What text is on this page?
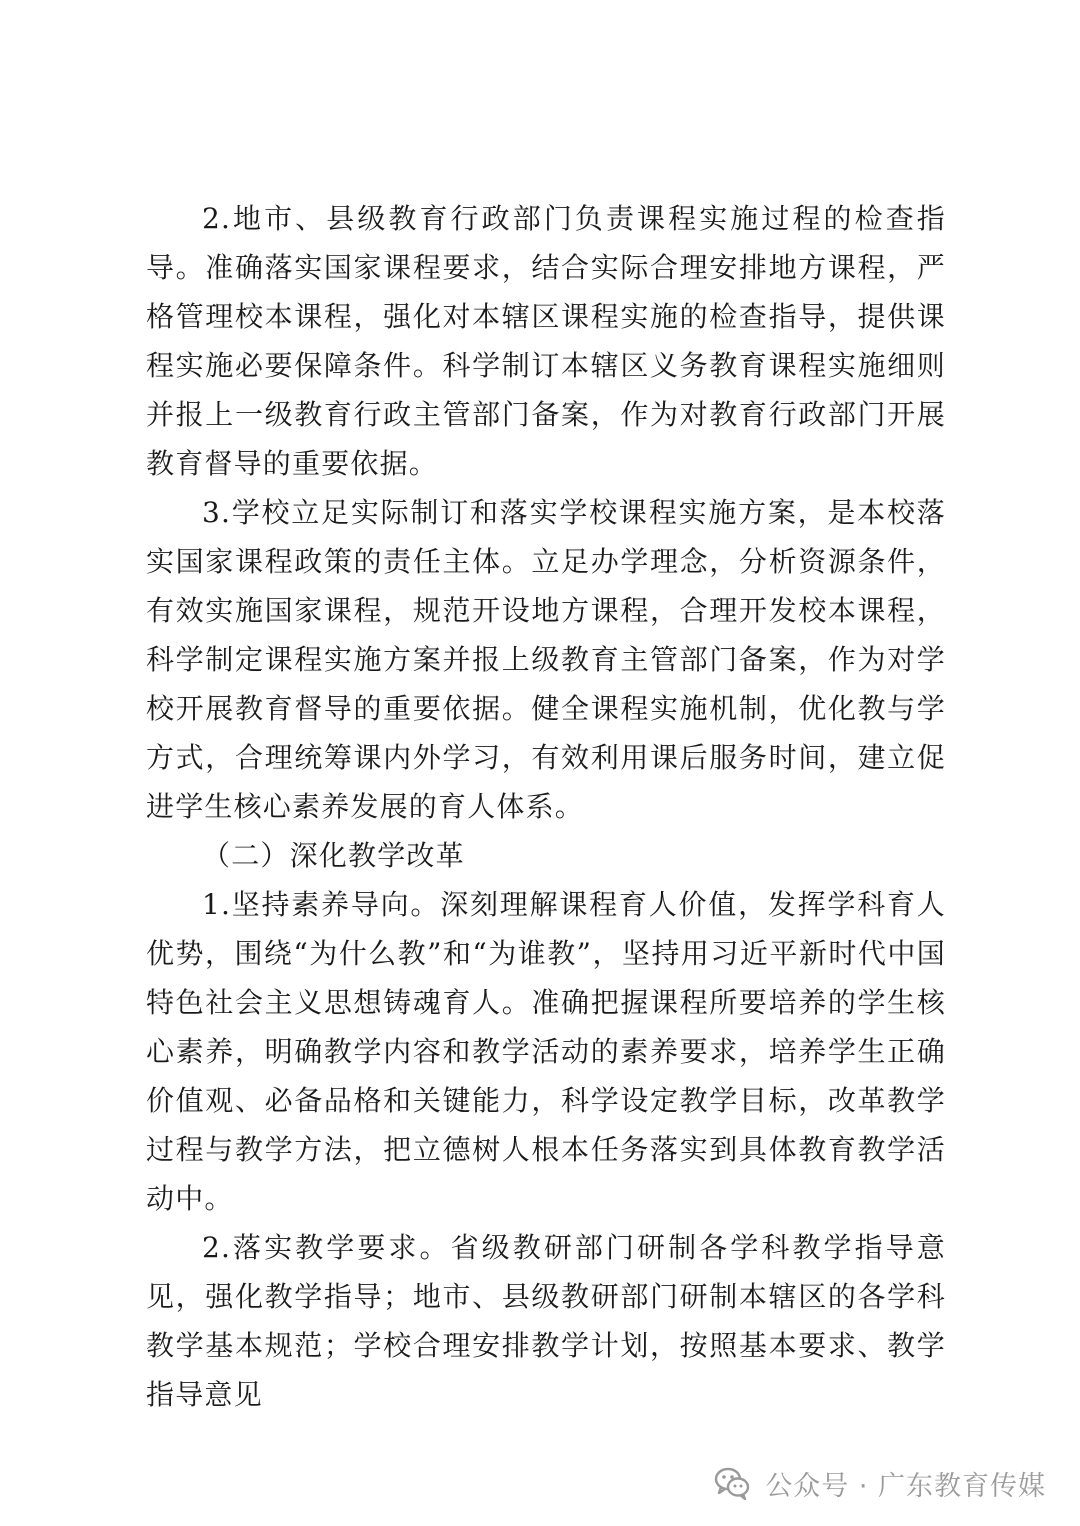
2.地市、县级教育行政部门负责课程实施过程的检查指导。准确落实国家课程要求，结合实际合理安排地方课程，严格管理校本课程，强化对本辖区课程实施的检查指导，提供课程实施必要保障条件。科学制订本辖区义务教育课程实施细则并报上一级教育行政主管部门备案，作为对教育行政部门开展教育督导的重要依据。

3.学校立足实际制订和落实学校课程实施方案，是本校落实国家课程政策的责任主体。立足办学理念，分析资源条件，有效实施国家课程，规范开设地方课程，合理开发校本课程，科学制定课程实施方案并报上级教育主管部门备案，作为对学校开展教育督导的重要依据。健全课程实施机制，优化教与学方式，合理统筹课内外学习，有效利用课后服务时间，建立促进学生核心素养发展的育人体系。

（二）深化教学改革

1.坚持素养导向。深刻理解课程育人价值，发挥学科育人优势，围绕“为什么教”和“为谁教”，坚持用习近平新时代中国特色社会主义思想铸魂育人。准确把握课程所要培养的学生核心素养，明确教学内容和教学活动的素养要求，培养学生正确价值观、必备品格和关键能力，科学设定教学目标，改革教学过程与教学方法，把立德树人根本任务落实到具体教育教学活动中。

2.落实教学要求。省级教研部门研制各学科教学指导意见，强化教学指导；地市、县级教研部门研制本辖区的各学科教学基本规范；学校合理安排教学计划，按照基本要求、教学指导意见

公众号 · 广东教育传媒
